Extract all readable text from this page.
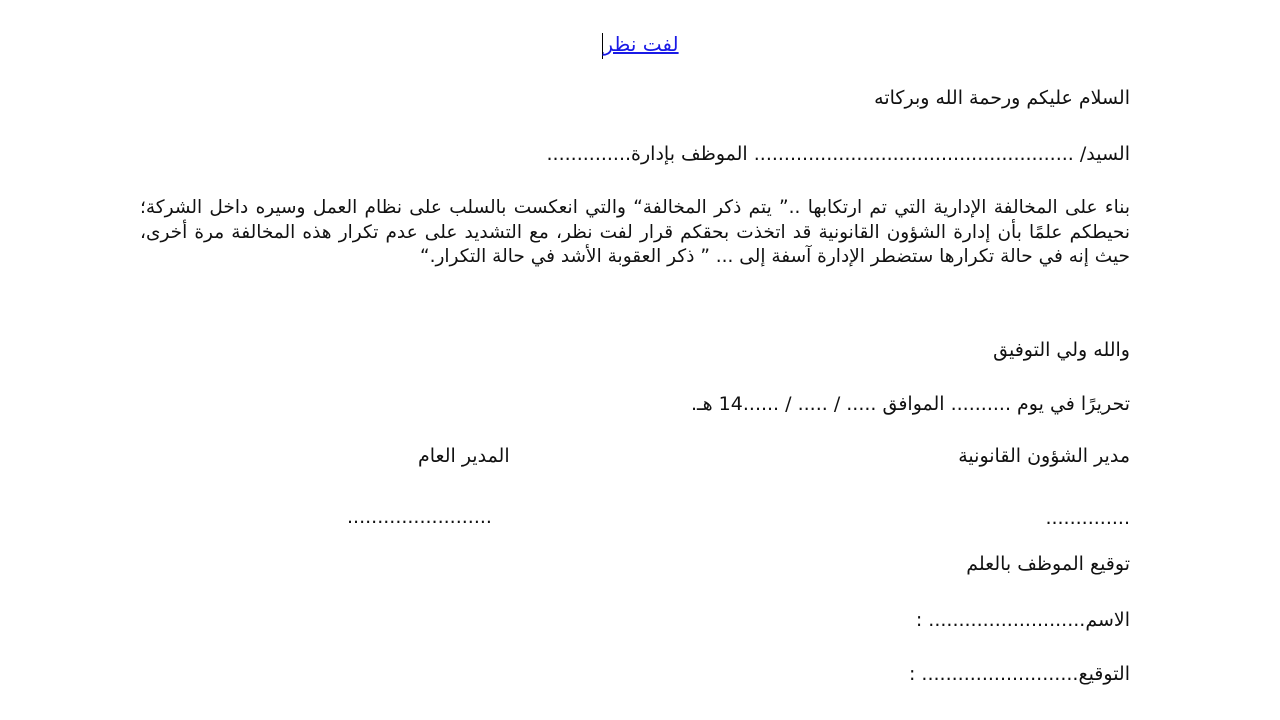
لفت نظر
السلام عليكم ورحمة الله وبركاته
السيد/ ..................................................... الموظف بإدارة..............
بناء على المخالفة الإدارية التي تم ارتكابها ..” يتم ذكر المخالفة“ والتي انعكست بالسلب على نظام العمل وسيره داخل الشركة؛ نحيطكم علمًا بأن إدارة الشؤون القانونية قد اتخذت بحقكم قرار لفت نظر، مع التشديد على عدم تكرار هذه المخالفة مرة أخرى، حيث إنه في حالة تكرارها ستضطر الإدارة آسفة إلى ... ” ذكر العقوبة الأشد في حالة التكرار.“
والله ولي التوفيق
تحريرًا في يوم .......... الموافق ..... / ..... / ......14 هـ.
مدير الشؤون القانونية
المدير العام
..............
........................
توقيع الموظف بالعلم
الاسم.......................... :
التوقيع.......................... :
